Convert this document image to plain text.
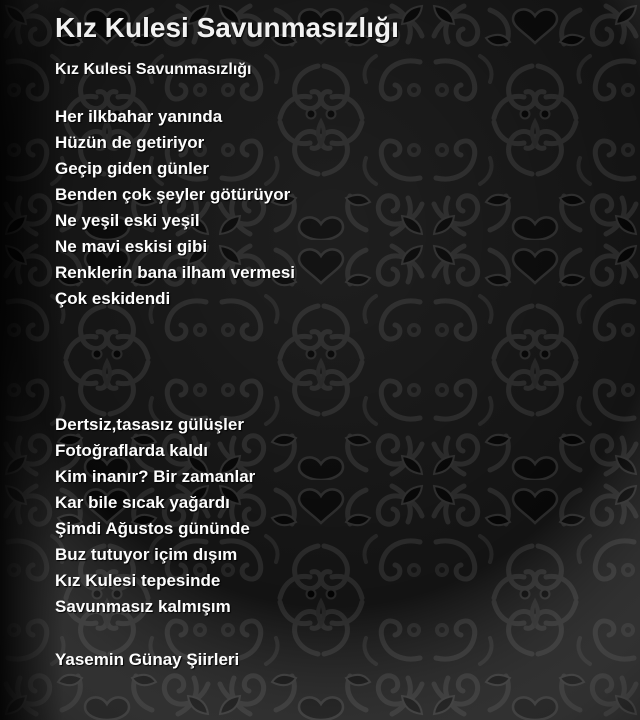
Kız Kulesi Savunmasızlığı
Kız Kulesi Savunmasızlığı
Her ilkbahar yanında
Hüzün de getiriyor
Geçip giden günler
Benden çok şeyler götürüyor
Ne yeşil eski yeşil
Ne mavi eskisi gibi
Renklerin bana ilham vermesi
Çok eskidendi
Dertsiz,tasasız gülüşler
Fotoğraflarda kaldı
Kim inanır? Bir zamanlar
Kar bile sıcak yağardı
Şimdi Ağustos gününde
Buz tutuyor içim dışım
Kız Kulesi tepesinde
Savunmasız kalmışım
Yasemin Günay Şiirleri
